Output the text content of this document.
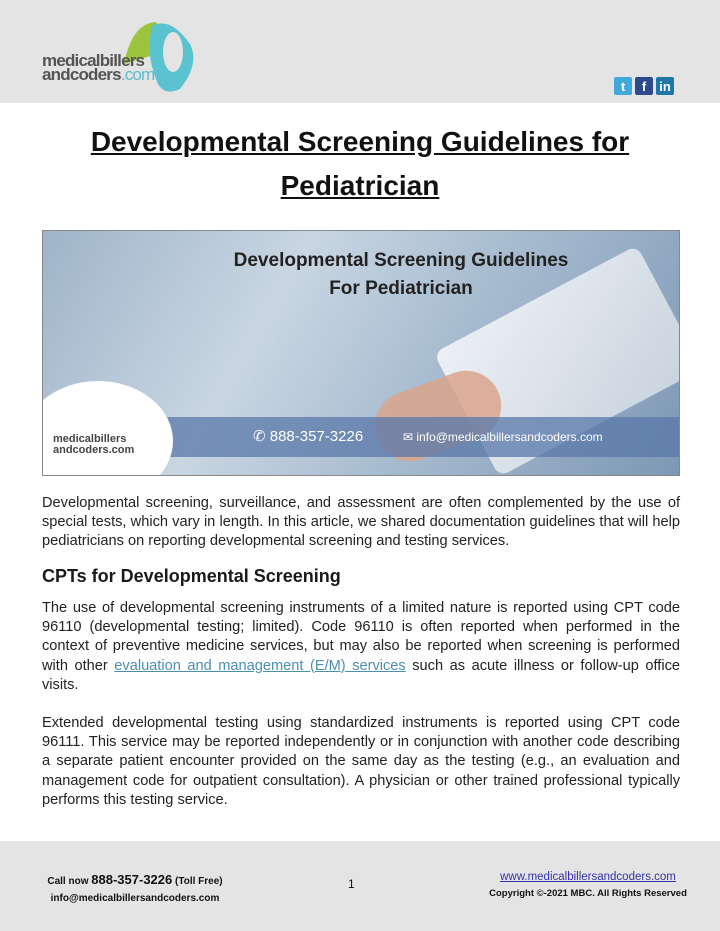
medicalbillers
andcoders.com
t	f	in
Developmental Screening Guidelines for
Pediatrician
Developmental Screening Guidelines
For Pediatrician
medicalbillers
andcoders.com
✆ 888-357-3226	✉ info@medicalbillersandcoders.com

Developmental screening, surveillance, and assessment are often complemented by the use of special tests, which vary in length. In this article, we shared documentation guidelines that will help pediatricians on reporting developmental screening and testing services.

CPTs for Developmental Screening

The use of developmental screening instruments of a limited nature is reported using CPT code 96110 (developmental testing; limited). Code 96110 is often reported when performed in the context of preventive medicine services, but may also be reported when screening is performed with other evaluation and management (E/M) services such as acute illness or follow-up office visits.

Extended developmental testing using standardized instruments is reported using CPT code 96111. This service may be reported independently or in conjunction with another code describing a separate patient encounter provided on the same day as the testing (e.g., an evaluation and management code for outpatient consultation). A physician or other trained professional typically performs this testing service.

Call now 888-357-3226 (Toll Free)
info@medicalbillersandcoders.com
1	www.medicalbillersandcoders.com
Copyright ©-2021 MBC. All Rights Reserved
